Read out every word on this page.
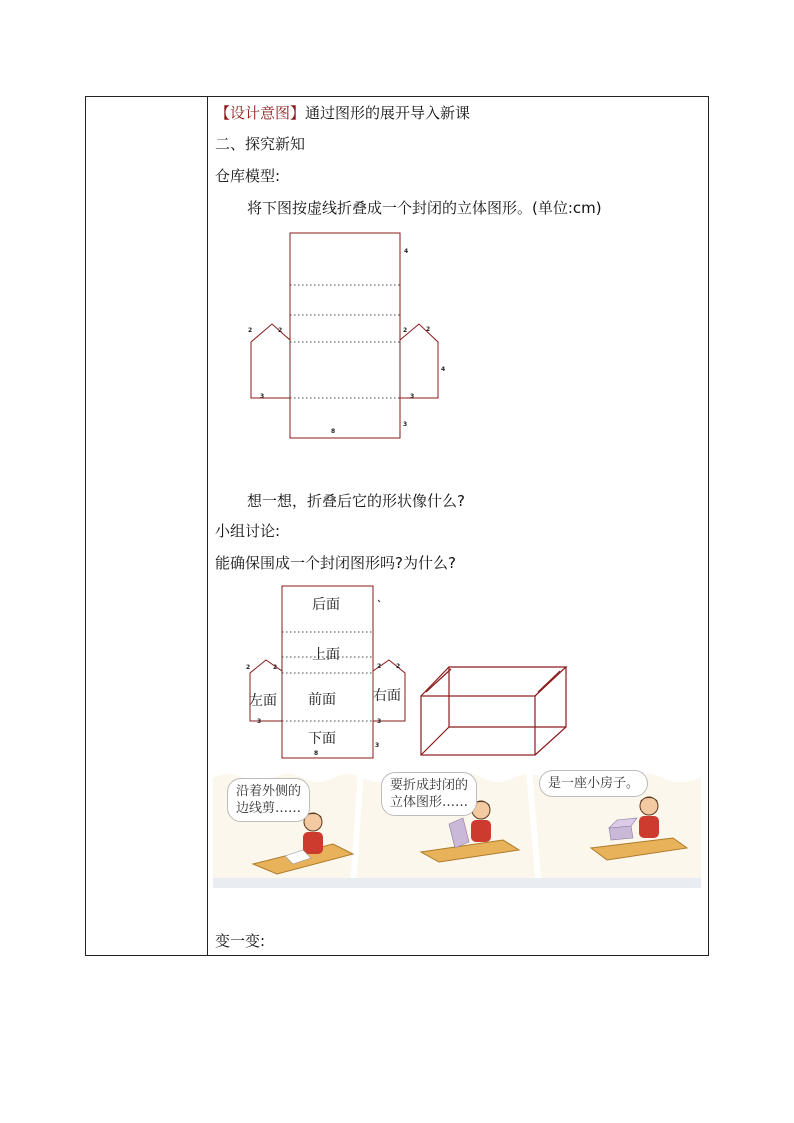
【设计意图】通过图形的展开导入新课
二、探究新知
仓库模型:
将下图按虚线折叠成一个封闭的立体图形。(单位:cm)
4
2	2	2	2
4
3	3
3
8
想一想，折叠后它的形状像什么?
小组讨论:
能确保围成一个封闭图形吗?为什么?
后面
上面
前面
下面
左面	右面
2	2	2 2
3	3
3
8
沿着外侧的
边线剪……
要折成封闭的
立体图形……
是一座小房子。
变一变:
